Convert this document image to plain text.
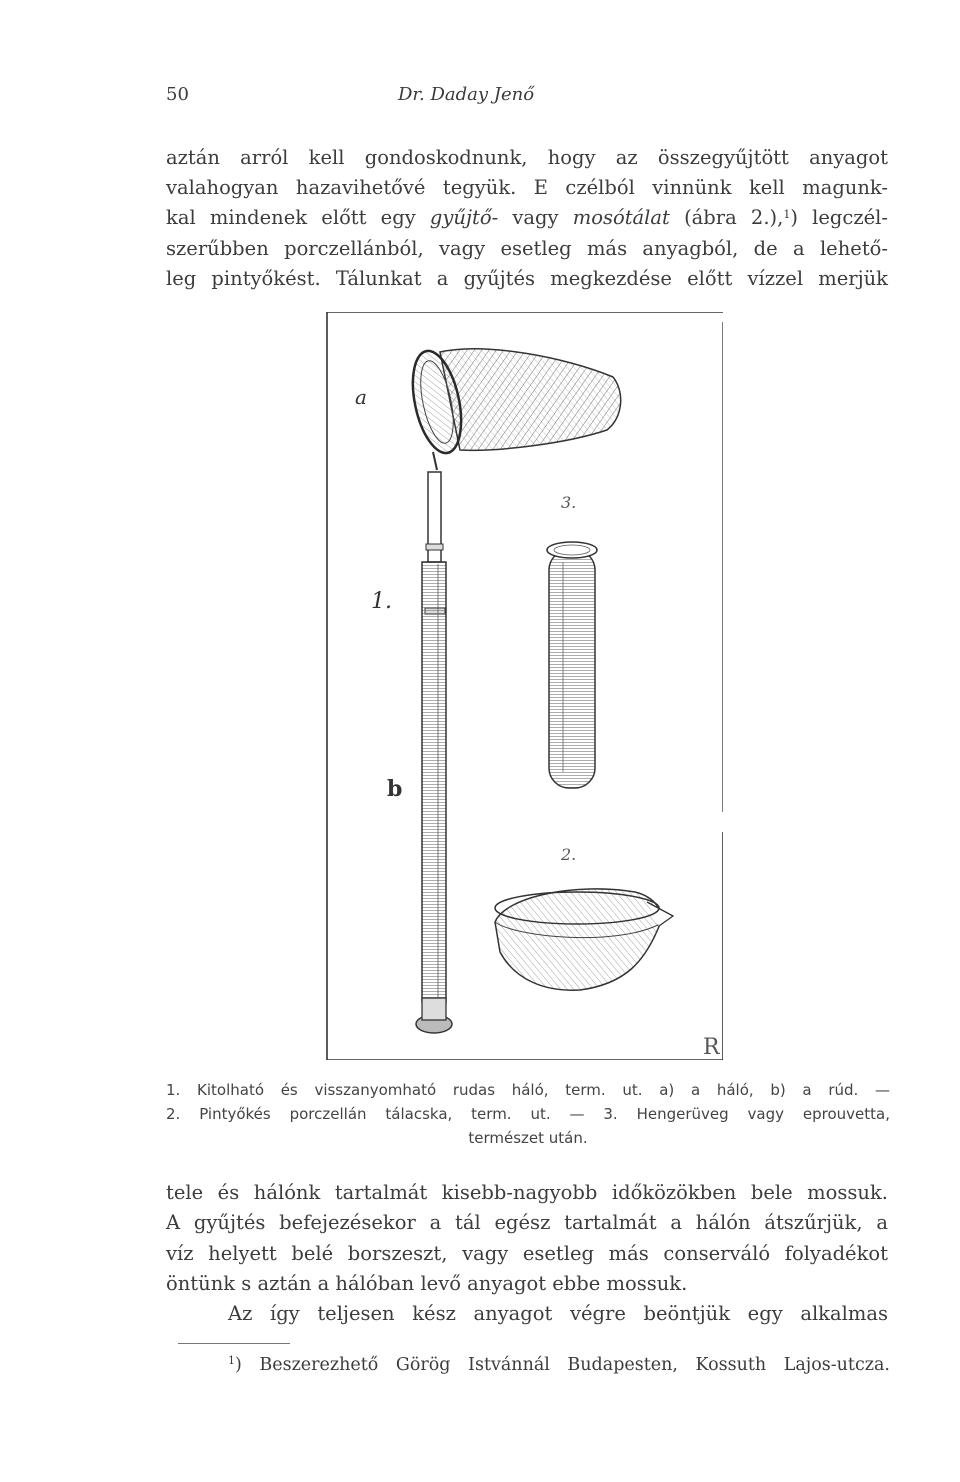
50	Dr. Daday Jenő
aztán arról kell gondoskodnunk, hogy az összegyűjtött anyagot
valahogyan hazavihetővé tegyük. E czélból vinnünk kell magunk-
kal mindenek előtt egy gyűjtő- vagy mosótálat (ábra 2.),$^1$) legczél-
szerűbben porczellánból, vagy esetleg más anyagból, de a lehető-
leg pintyőkést. Tálunkat a gyűjtés megkezdése előtt vízzel merjük
a
1.
b
3.
2.
R
1. Kitolható és visszanyomható rudas háló, term. ut. a) a háló, b) a rúd. —
2. Pintyőkés porczellán tálacska, term. ut. — 3. Hengerüveg vagy eprouvetta,
természet után.
tele és hálónk tartalmát kisebb-nagyobb időközökben bele mossuk.
A gyűjtés befejezésekor a tál egész tartalmát a hálón átszűrjük, a
víz helyett belé borszeszt, vagy esetleg más conserváló folyadékot
öntünk s aztán a hálóban levő anyagot ebbe mossuk.
Az így teljesen kész anyagot végre beöntjük egy alkalmas
$^1$) Beszerezhető Görög Istvánnál Budapesten, Kossuth Lajos-utcza.
